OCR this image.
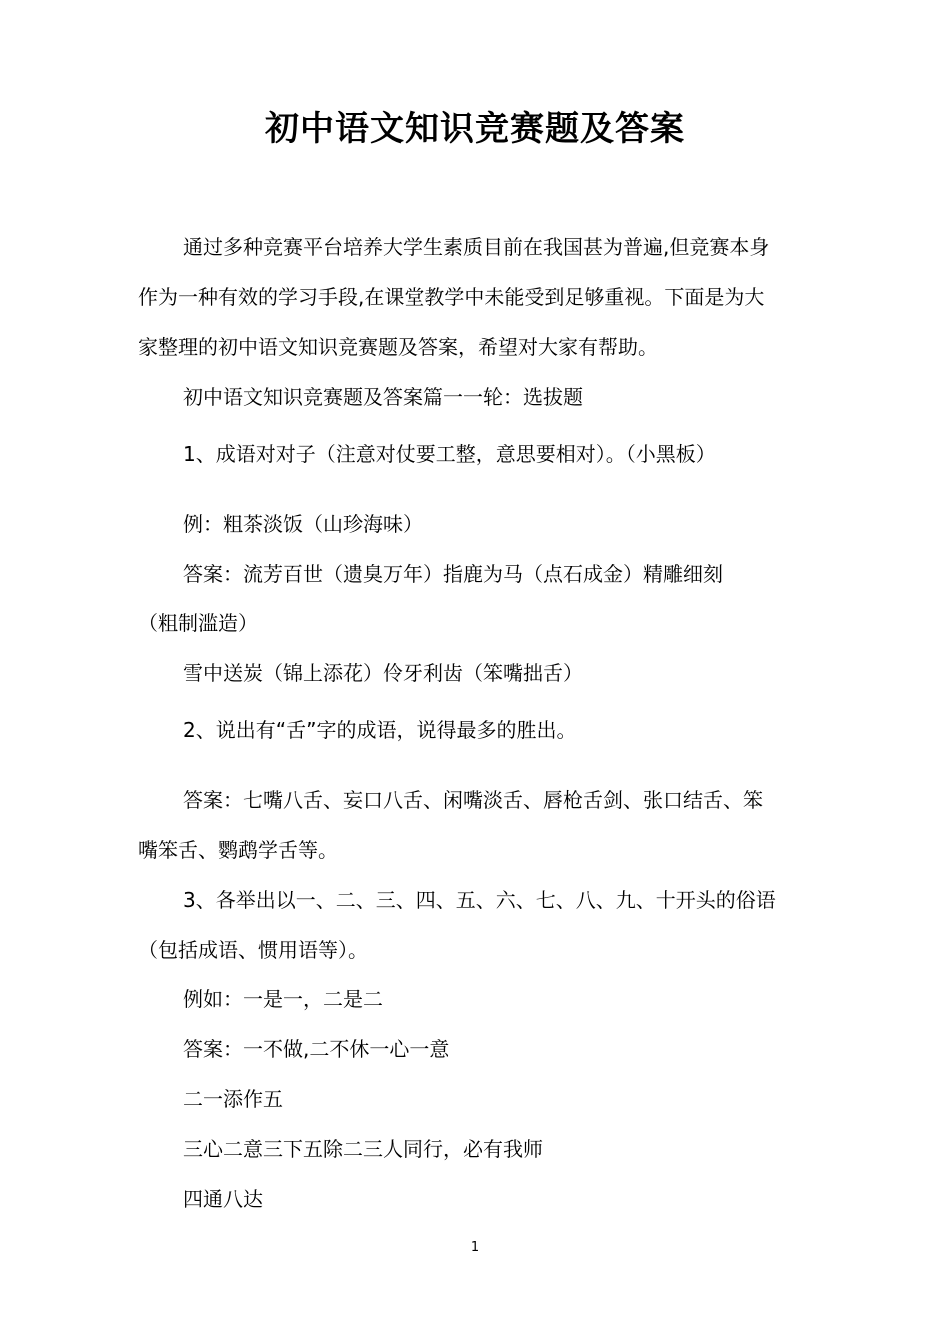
初中语文知识竞赛题及答案

通过多种竞赛平台培养大学生素质目前在我国甚为普遍,但竞赛本身

作为一种有效的学习手段,在课堂教学中未能受到足够重视。下面是为大

家整理的初中语文知识竞赛题及答案，希望对大家有帮助。

初中语文知识竞赛题及答案篇一一轮：选拔题

1、成语对对子（注意对仗要工整，意思要相对）。（小黑板）

例：粗茶淡饭（山珍海味）

答案：流芳百世（遗臭万年）指鹿为马（点石成金）精雕细刻

（粗制滥造）

雪中送炭（锦上添花）伶牙利齿（笨嘴拙舌）

2、说出有“舌”字的成语，说得最多的胜出。

答案：七嘴八舌、妄口八舌、闲嘴淡舌、唇枪舌剑、张口结舌、笨

嘴笨舌、鹦鹉学舌等。

3、各举出以一、二、三、四、五、六、七、八、九、十开头的俗语

（包括成语、惯用语等）。

例如：一是一，二是二

答案：一不做,二不休一心一意

二一添作五

三心二意三下五除二三人同行，必有我师

四通八达

1
